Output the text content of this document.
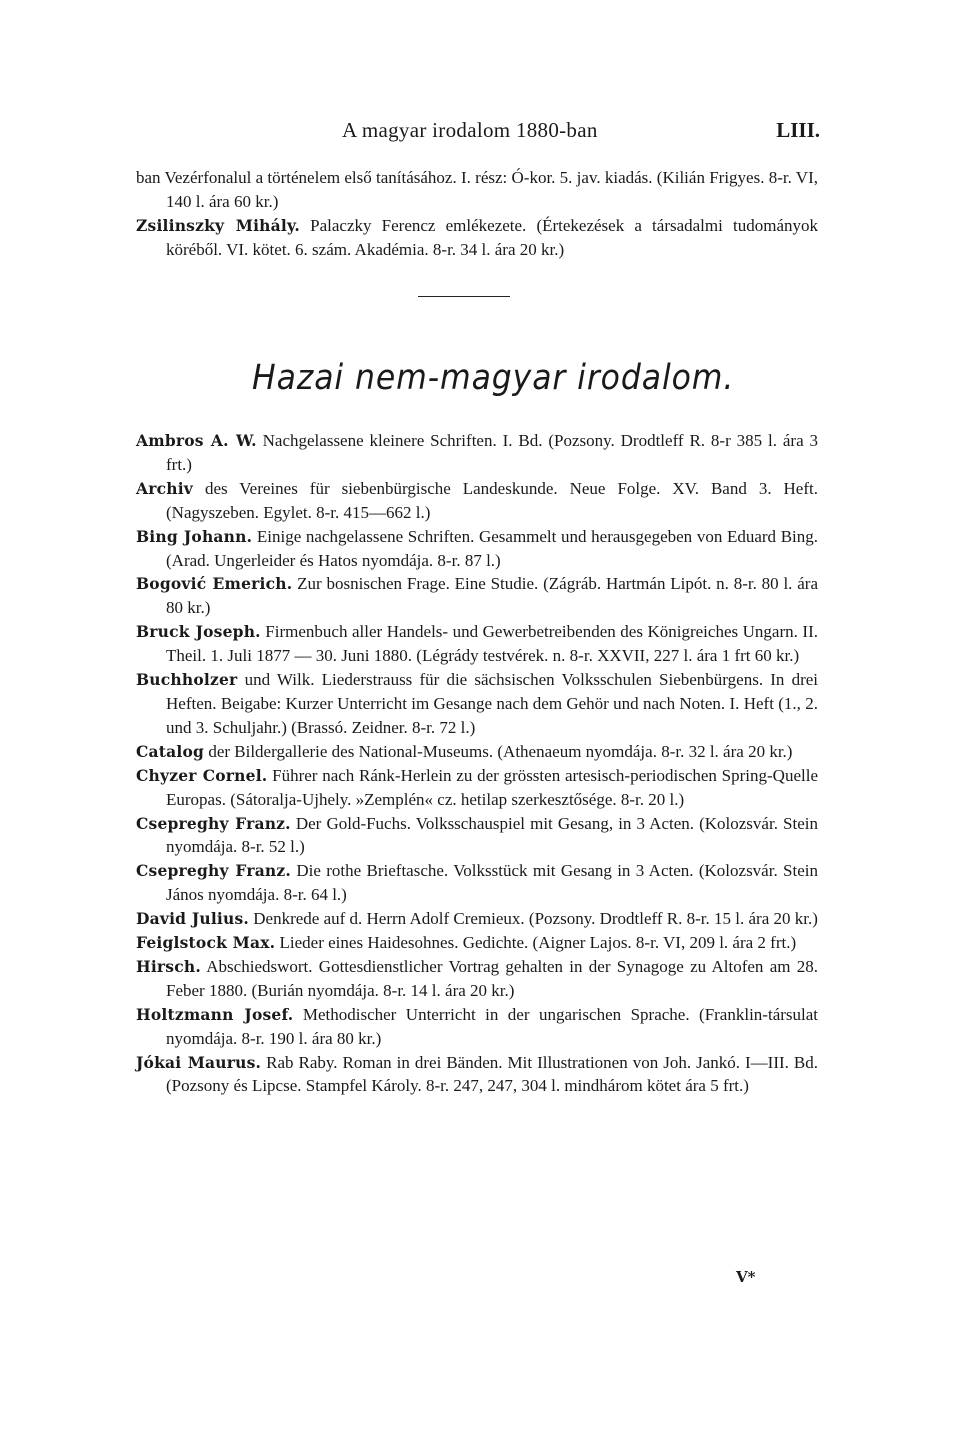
A magyar irodalom 1880-ban	LIII.

ban Vezérfonalul a történelem első tanításához. I. rész: Ó-kor. 5. jav. kiadás. (Kilián Frigyes. 8-r. VI, 140 l. ára 60 kr.)

Zsilinszky Mihály. Palaczky Ferencz emlékezete. (Értekezések a társadalmi tudományok köréből. VI. kötet. 6. szám. Akadémia. 8-r. 34 l. ára 20 kr.)

Hazai nem-magyar irodalom.

Ambros A. W. Nachgelassene kleinere Schriften. I. Bd. (Pozsony. Drodtleff R. 8-r 385 l. ára 3 frt.)

Archiv des Vereines für siebenbürgische Landeskunde. Neue Folge. XV. Band 3. Heft. (Nagyszeben. Egylet. 8-r. 415—662 l.)

Bing Johann. Einige nachgelassene Schriften. Gesammelt und herausgegeben von Eduard Bing. (Arad. Ungerleider és Hatos nyomdája. 8-r. 87 l.)

Bogović Emerich. Zur bosnischen Frage. Eine Studie. (Zágráb. Hartmán Lipót. n. 8-r. 80 l. ára 80 kr.)

Bruck Joseph. Firmenbuch aller Handels- und Gewerbetreibenden des Königreiches Ungarn. II. Theil. 1. Juli 1877 — 30. Juni 1880. (Légrády testvérek. n. 8-r. XXVII, 227 l. ára 1 frt 60 kr.)

Buchholzer und Wilk. Liederstrauss für die sächsischen Volksschulen Siebenbürgens. In drei Heften. Beigabe: Kurzer Unterricht im Gesange nach dem Gehör und nach Noten. I. Heft (1., 2. und 3. Schuljahr.) (Brassó. Zeidner. 8-r. 72 l.)

Catalog der Bildergallerie des National-Museums. (Athenaeum nyomdája. 8-r. 32 l. ára 20 kr.)

Chyzer Cornel. Führer nach Ránk-Herlein zu der grössten artesisch-periodischen Spring-Quelle Europas. (Sátoralja-Ujhely. »Zemplén« cz. hetilap szerkesztősége. 8-r. 20 l.)

Csepreghy Franz. Der Gold-Fuchs. Volksschauspiel mit Gesang, in 3 Acten. (Kolozsvár. Stein nyomdája. 8-r. 52 l.)

Csepreghy Franz. Die rothe Brieftasche. Volksstück mit Gesang in 3 Acten. (Kolozsvár. Stein János nyomdája. 8-r. 64 l.)

David Julius. Denkrede auf d. Herrn Adolf Cremieux. (Pozsony. Drodtleff R. 8-r. 15 l. ára 20 kr.)

Feiglstock Max. Lieder eines Haidesohnes. Gedichte. (Aigner Lajos. 8-r. VI, 209 l. ára 2 frt.)

Hirsch. Abschiedswort. Gottesdienstlicher Vortrag gehalten in der Synagoge zu Altofen am 28. Feber 1880. (Burián nyomdája. 8-r. 14 l. ára 20 kr.)

Holtzmann Josef. Methodischer Unterricht in der ungarischen Sprache. (Franklin-társulat nyomdája. 8-r. 190 l. ára 80 kr.)

Jókai Maurus. Rab Raby. Roman in drei Bänden. Mit Illustrationen von Joh. Jankó. I—III. Bd. (Pozsony és Lipcse. Stampfel Károly. 8-r. 247, 247, 304 l. mindhárom kötet ára 5 frt.)

V*
